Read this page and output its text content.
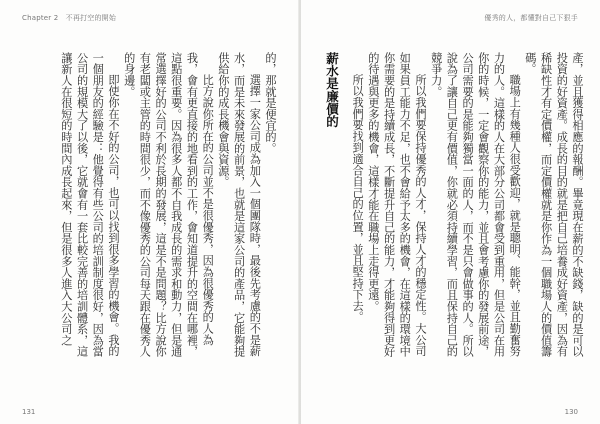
Chapter 2　不再打空的開始

的，那就是便宜的。

選擇一家公司成為加入一個團隊時，最後先考慮的不是薪水，而是未來發展的前景，也就是這家公司的產品，它能夠提供給你的成長機會與資源。

比方說你所在的公司並不是很優秀，因為很優秀的人為我，會有更直接的地看到的工作，會知道提升的空間在哪裡，這點很重要。因為很多人都不自我成長的需求和動力，但是通常選擇好的公司不利於長期的發展，這是不是問題？比方說你有老闆或主管的時間很少，而不像優秀的公司每天跟在優秀人的身邊。

即使你在不好的公司，也可以找到很多學習的機會。我的一個朋友的經驗是：他覺得有些公司的培訓制度很好，因為當公司的規模大了以後，它就會有一套比較完善的培訓體系，這讓新人在很短的時間內成長起來，但是很多人進入大公司之

131
優秀的人，都懂對自己下狠手

產，並且獲得相應的報酬。畢竟現在薪的不缺錢，缺的是可以投資的好資產。成長的目的就是把自己培養成好資產，因為有稀缺性才有定價權，而定價權就是你作為一個職場人的價值籌碼。

職場上有幾種人很受歡迎，就是聰明、能幹，並且勤奮努力的人。這樣的人在大部分公司都會受到重用，但是公司在用你的時候，一定會觀察你的能力，並且會考慮你的發展前途，公司需要的是能夠獨當一面的人，而不是只會做事的人。所以說為了讓自己更有價值，你就必須持續學習，而且保持自己的競爭力。

所以我們要保持優秀的人才，保持人才的穩定性。大公司如果員工能力不足，也不會給予太多的機會，在這樣的環境中你需要的是持續成長，不斷提升自己的能力，才能夠得到更好的待遇與更多的機會，這樣才能在職場上走得更遠。

所以我們要找到適合自己的位置，並且堅持下去。

薪水是廉價的

130
